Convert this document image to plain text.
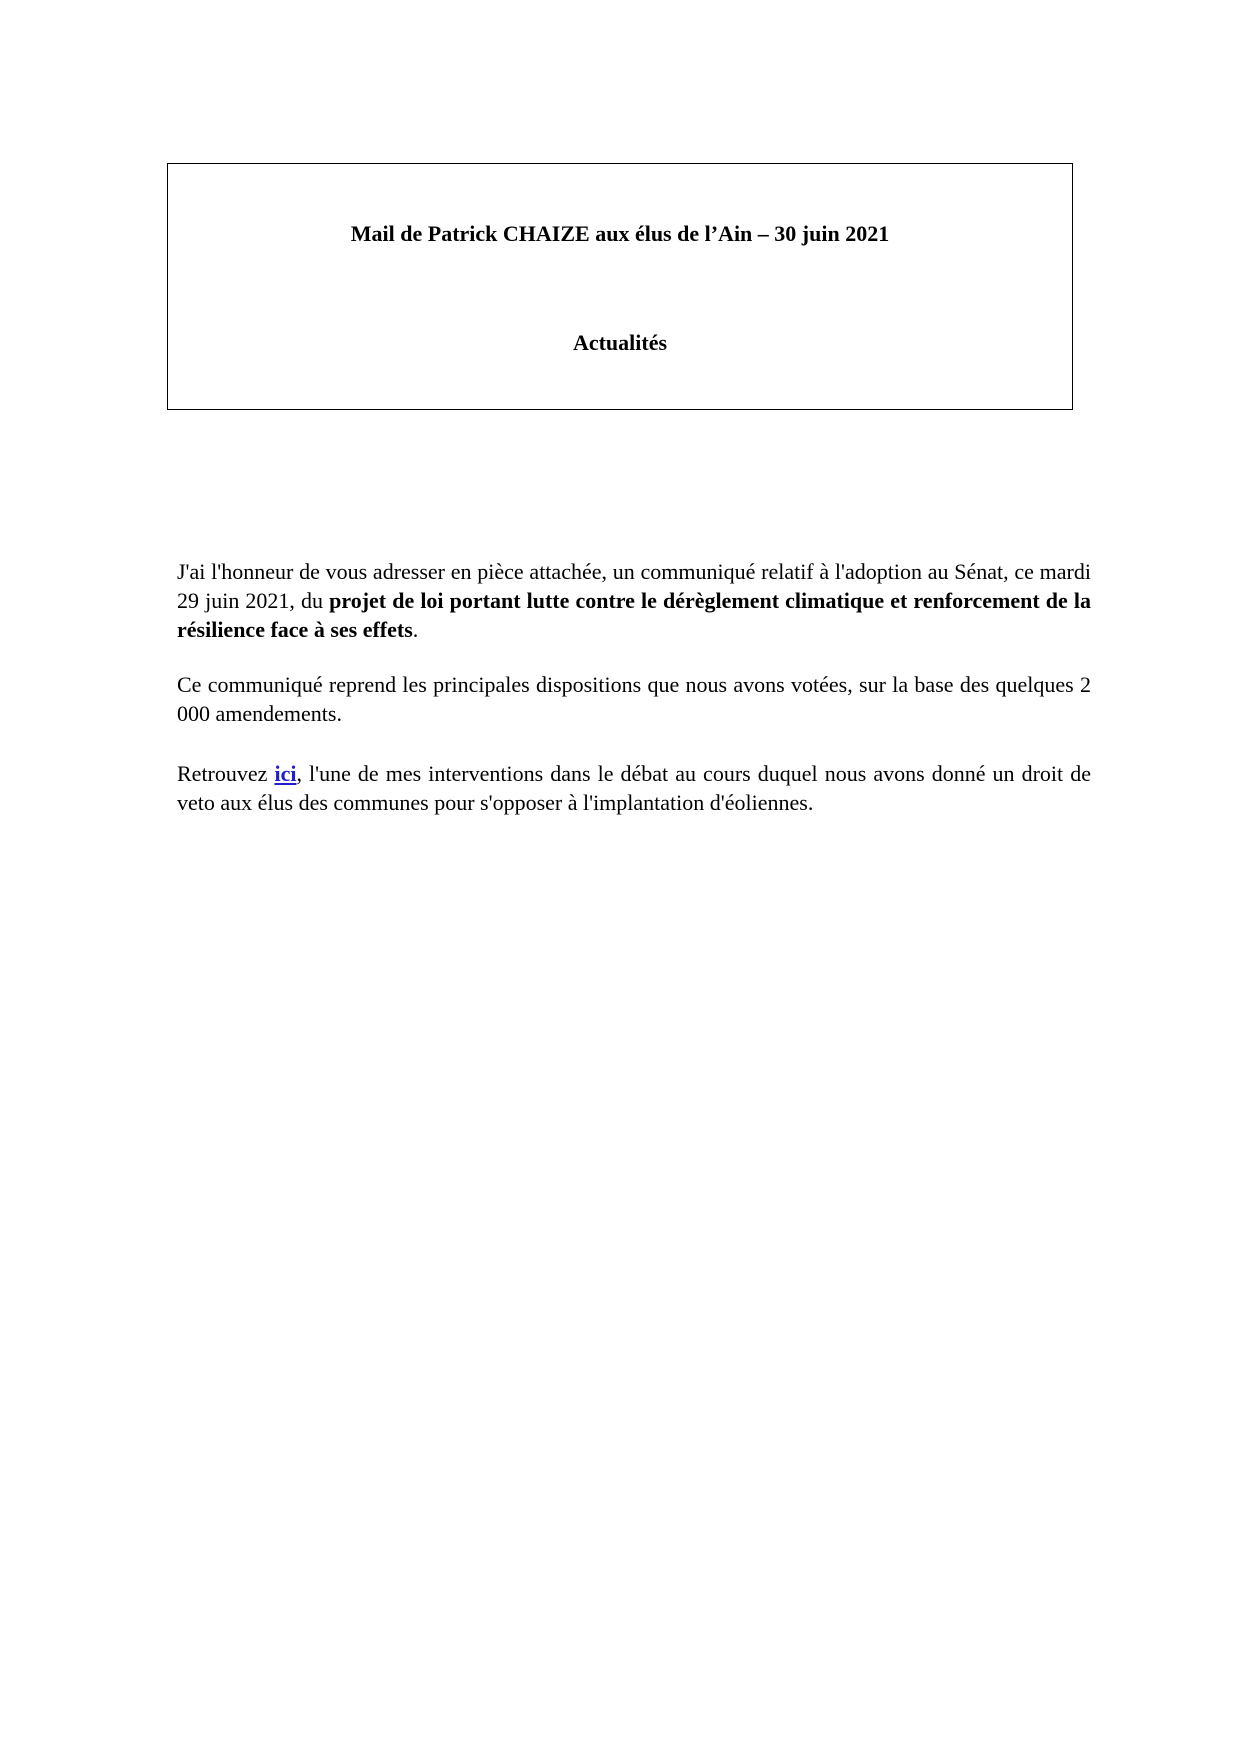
Mail de Patrick CHAIZE aux élus de l’Ain – 30 juin 2021
Actualités

J'ai l'honneur de vous adresser en pièce attachée, un communiqué relatif à l'adoption au Sénat, ce mardi 29 juin 2021, du projet de loi portant lutte contre le dérèglement climatique et renforcement de la résilience face à ses effets.

Ce communiqué reprend les principales dispositions que nous avons votées, sur la base des quelques 2 000 amendements.

Retrouvez ici, l'une de mes interventions dans le débat au cours duquel nous avons donné un droit de veto aux élus des communes pour s'opposer à l'implantation d'éoliennes.
